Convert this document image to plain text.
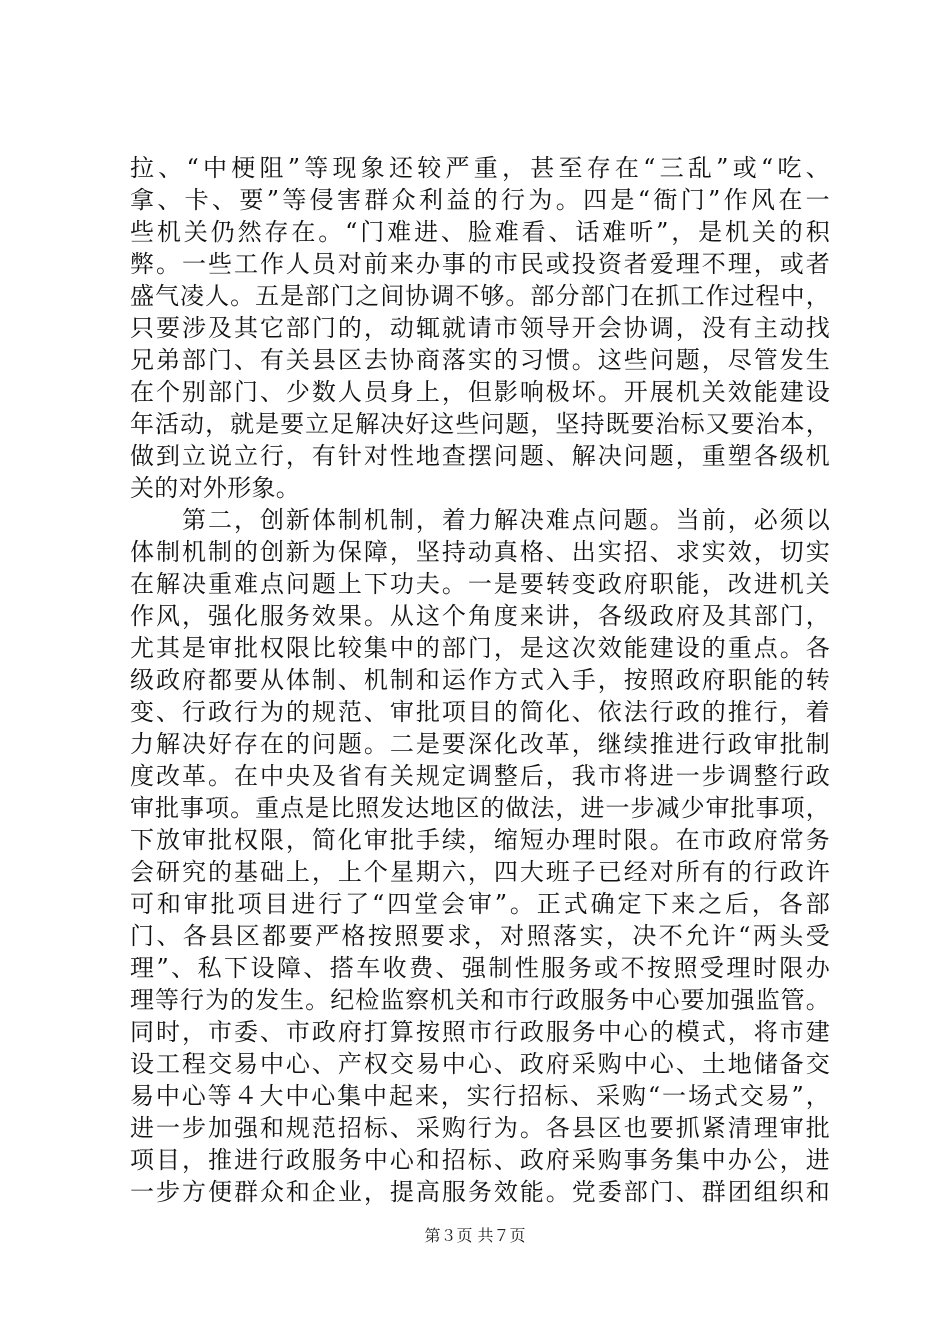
拉、“中梗阻”等现象还较严重，甚至存在“三乱”或“吃、
拿、卡、要”等侵害群众利益的行为。四是“衙门”作风在一
些机关仍然存在。“门难进、脸难看、话难听”，是机关的积
弊。一些工作人员对前来办事的市民或投资者爱理不理，或者
盛气凌人。五是部门之间协调不够。部分部门在抓工作过程中，
只要涉及其它部门的，动辄就请市领导开会协调，没有主动找
兄弟部门、有关县区去协商落实的习惯。这些问题，尽管发生
在个别部门、少数人员身上，但影响极坏。开展机关效能建设
年活动，就是要立足解决好这些问题，坚持既要治标又要治本，
做到立说立行，有针对性地查摆问题、解决问题，重塑各级机
关的对外形象。
　　第二，创新体制机制，着力解决难点问题。当前，必须以
体制机制的创新为保障，坚持动真格、出实招、求实效，切实
在解决重难点问题上下功夫。一是要转变政府职能，改进机关
作风，强化服务效果。从这个角度来讲，各级政府及其部门，
尤其是审批权限比较集中的部门，是这次效能建设的重点。各
级政府都要从体制、机制和运作方式入手，按照政府职能的转
变、行政行为的规范、审批项目的简化、依法行政的推行，着
力解决好存在的问题。二是要深化改革，继续推进行政审批制
度改革。在中央及省有关规定调整后，我市将进一步调整行政
审批事项。重点是比照发达地区的做法，进一步减少审批事项，
下放审批权限，简化审批手续，缩短办理时限。在市政府常务
会研究的基础上，上个星期六，四大班子已经对所有的行政许
可和审批项目进行了“四堂会审”。正式确定下来之后，各部
门、各县区都要严格按照要求，对照落实，决不允许“两头受
理”、私下设障、搭车收费、强制性服务或不按照受理时限办
理等行为的发生。纪检监察机关和市行政服务中心要加强监管。
同时，市委、市政府打算按照市行政服务中心的模式，将市建
设工程交易中心、产权交易中心、政府采购中心、土地储备交
易中心等４大中心集中起来，实行招标、采购“一场式交易”，
进一步加强和规范招标、采购行为。各县区也要抓紧清理审批
项目，推进行政服务中心和招标、政府采购事务集中办公，进
一步方便群众和企业，提高服务效能。党委部门、群团组织和
第３页 共７页
